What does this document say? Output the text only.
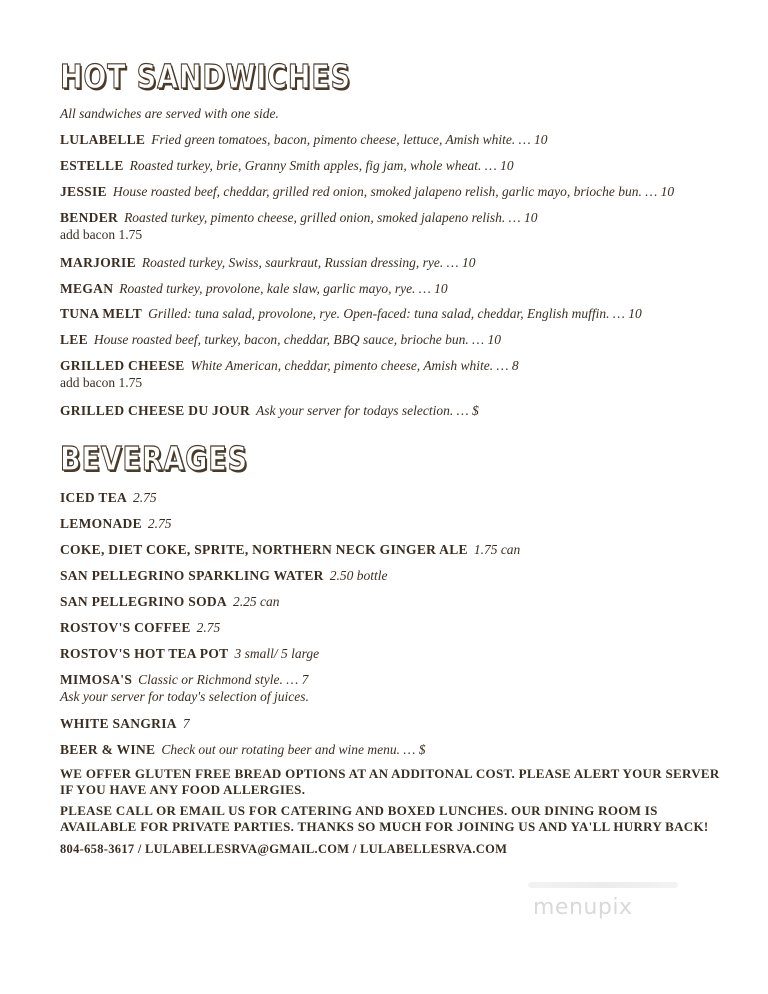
HOT SANDWICHES
All sandwiches are served with one side.
LULABELLE Fried green tomatoes, bacon, pimento cheese, lettuce, Amish white. … 10
ESTELLE Roasted turkey, brie, Granny Smith apples, fig jam, whole wheat. … 10
JESSIE House roasted beef, cheddar, grilled red onion, smoked jalapeno relish, garlic mayo, brioche bun. … 10
BENDER Roasted turkey, pimento cheese, grilled onion, smoked jalapeno relish. … 10
add bacon 1.75
MARJORIE Roasted turkey, Swiss, saurkraut, Russian dressing, rye. … 10
MEGAN Roasted turkey, provolone, kale slaw, garlic mayo, rye. … 10
TUNA MELT Grilled: tuna salad, provolone, rye. Open-faced: tuna salad, cheddar, English muffin. … 10
LEE House roasted beef, turkey, bacon, cheddar, BBQ sauce, brioche bun. … 10
GRILLED CHEESE White American, cheddar, pimento cheese, Amish white. … 8
add bacon 1.75
GRILLED CHEESE DU JOUR Ask your server for todays selection. … $
BEVERAGES
ICED TEA 2.75
LEMONADE 2.75
COKE, DIET COKE, SPRITE, NORTHERN NECK GINGER ALE 1.75 can
SAN PELLEGRINO SPARKLING WATER 2.50 bottle
SAN PELLEGRINO SODA 2.25 can
ROSTOV'S COFFEE 2.75
ROSTOV'S HOT TEA POT 3 small/ 5 large
MIMOSA'S Classic or Richmond style. … 7
Ask your server for today's selection of juices.
WHITE SANGRIA 7
BEER & WINE Check out our rotating beer and wine menu. … $
WE OFFER GLUTEN FREE BREAD OPTIONS AT AN ADDITONAL COST. PLEASE ALERT YOUR SERVER IF YOU HAVE ANY FOOD ALLERGIES.
PLEASE CALL OR EMAIL US FOR CATERING AND BOXED LUNCHES. OUR DINING ROOM IS AVAILABLE FOR PRIVATE PARTIES. THANKS SO MUCH FOR JOINING US AND YA'LL HURRY BACK!
804-658-3617 / LULABELLESRVA@GMAIL.COM / LULABELLESRVA.COM
menupix
